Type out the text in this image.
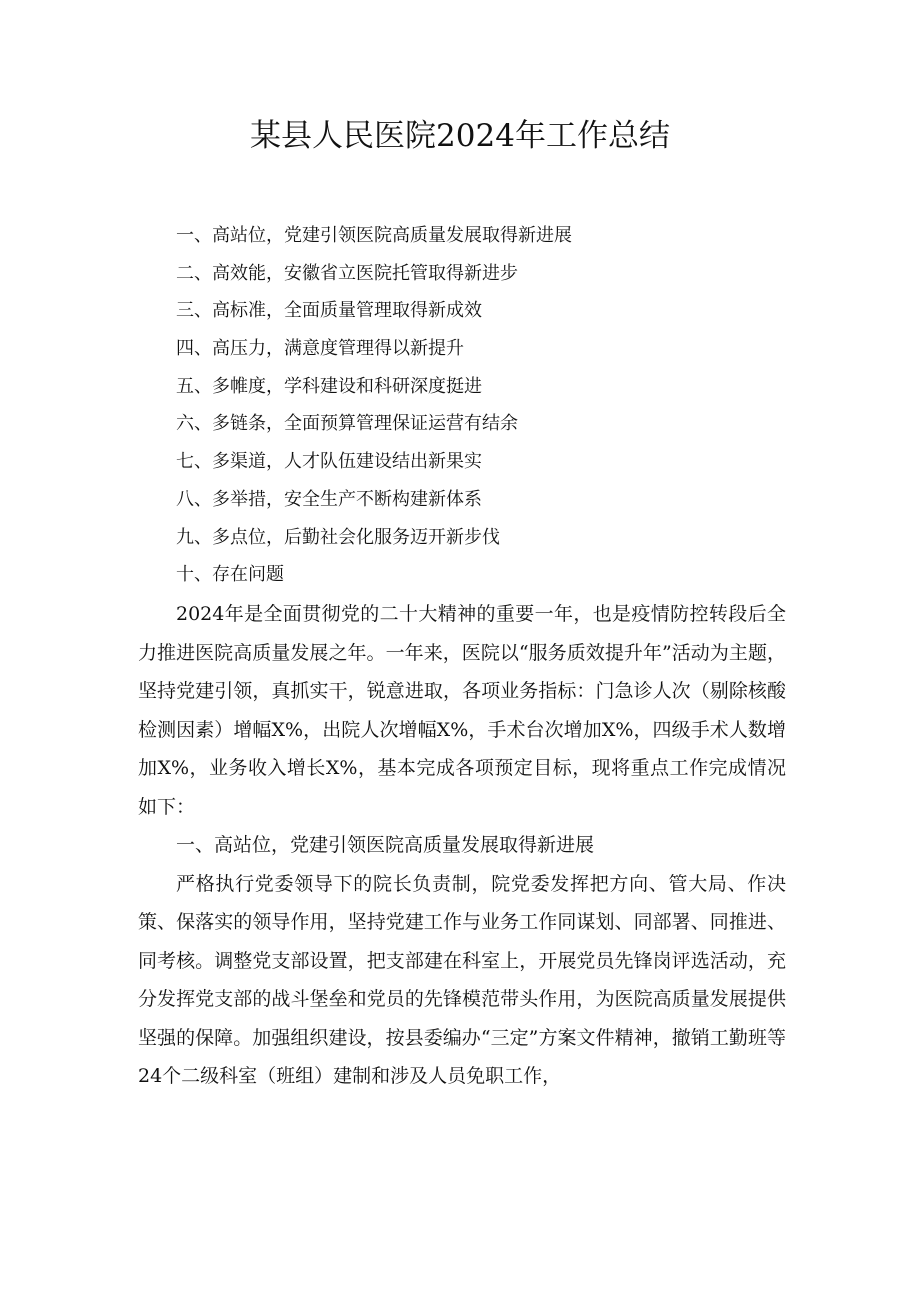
某县人民医院2024年工作总结
一、高站位，党建引领医院高质量发展取得新进展
二、高效能，安徽省立医院托管取得新进步
三、高标准，全面质量管理取得新成效
四、高压力，满意度管理得以新提升
五、多帷度，学科建设和科研深度挺进
六、多链条，全面预算管理保证运营有结余
七、多渠道，人才队伍建设结出新果实
八、多举措，安全生产不断构建新体系
九、多点位，后勤社会化服务迈开新步伐
十、存在问题

2024年是全面贯彻党的二十大精神的重要一年，也是疫情防控转段后全力推进医院高质量发展之年。一年来，医院以“服务质效提升年”活动为主题，坚持党建引领，真抓实干，锐意进取，各项业务指标：门急诊人次（剔除核酸检测因素）增幅X%，出院人次增幅X%，手术台次增加X%，四级手术人数增加X%，业务收入增长X%，基本完成各项预定目标，现将重点工作完成情况如下：

一、高站位，党建引领医院高质量发展取得新进展

严格执行党委领导下的院长负责制，院党委发挥把方向、管大局、作决策、保落实的领导作用，坚持党建工作与业务工作同谋划、同部署、同推进、同考核。调整党支部设置，把支部建在科室上，开展党员先锋岗评选活动，充分发挥党支部的战斗堡垒和党员的先锋模范带头作用，为医院高质量发展提供坚强的保障。加强组织建设，按县委编办“三定”方案文件精神，撤销工勤班等24个二级科室（班组）建制和涉及人员免职工作，
